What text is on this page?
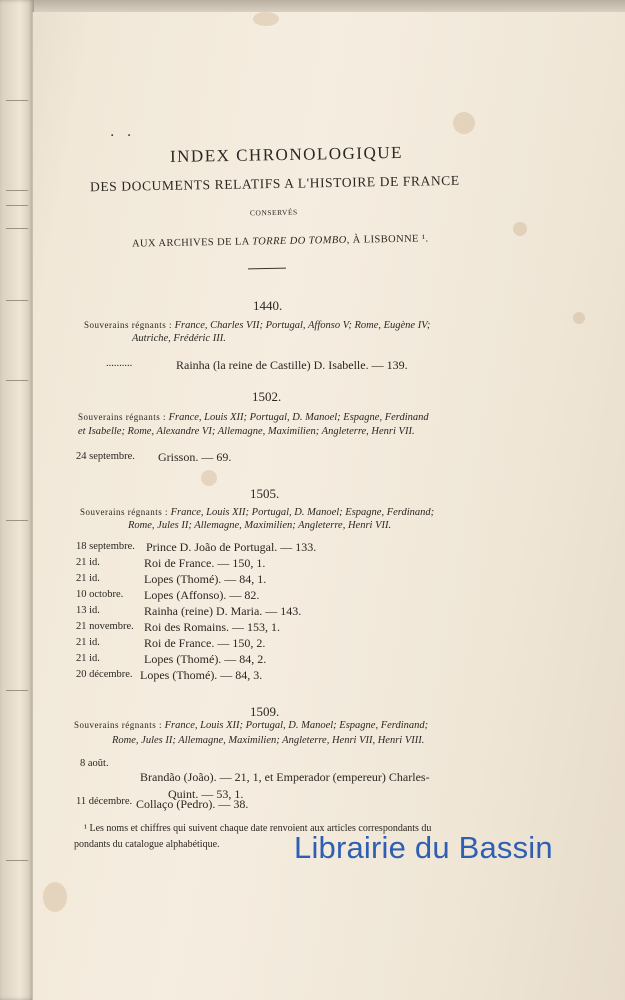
· ·
INDEX CHRONOLOGIQUE
DES DOCUMENTS RELATIFS A L'HISTOIRE DE FRANCE
CONSERVÉS
AUX ARCHIVES DE LA TORRE DO TOMBO, À LISBONNE ¹.
1440.
Souverains régnants : France, Charles VII; Portugal, Affonso V; Rome, Eugène IV;
Autriche, Frédéric III.
..........	Rainha (la reine de Castille) D. Isabelle. — 139.
1502.
Souverains régnants : France, Louis XII; Portugal, D. Manoel; Espagne, Ferdinand
et Isabelle; Rome, Alexandre VI; Allemagne, Maximilien; Angleterre, Henri VII.
24 septembre. Grisson. — 69.
1505.
Souverains régnants : France, Louis XII; Portugal, D. Manoel; Espagne, Ferdinand;
Rome, Jules II; Allemagne, Maximilien; Angleterre, Henri VII.
18 septembre. Prince D. João de Portugal. — 133.
21 id.	Roi de France. — 150, 1.
21 id.	Lopes (Thomé). — 84, 1.
10 octobre. Lopes (Affonso). — 82.
13 id.	Rainha (reine) D. Maria. — 143.
21 novembre. Roi des Romains. — 153, 1.
21 id.	Roi de France. — 150, 2.
21 id.	Lopes (Thomé). — 84, 2.
20 décembre. Lopes (Thomé). — 84, 3.
1509.
Souverains régnants : France, Louis XII; Portugal, D. Manoel; Espagne, Ferdinand;
Rome, Jules II; Allemagne, Maximilien; Angleterre, Henri VII, Henri VIII.
8 août.
Brandão (João). — 21, 1, et Emperador (empereur) Charles-
Quint. — 53, 1.
11 décembre. Collaço (Pedro). — 38.
¹ Les noms et chiffres qui suivent chaque date renvoient aux articles correspondants du
pondants du catalogue alphabétique. Librairie du Bassin
